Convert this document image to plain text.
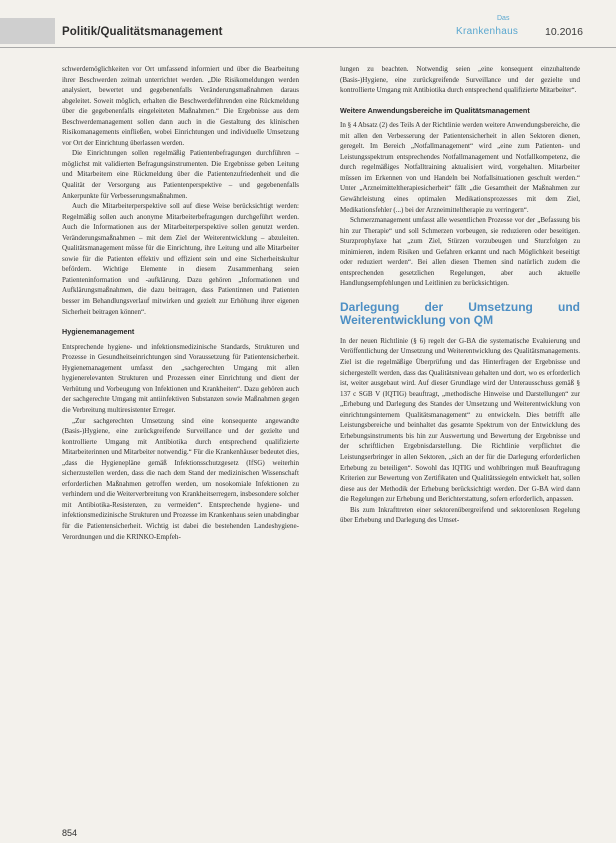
Politik/Qualitätsmanagement
Das
Krankenhaus	10.2016

schwerdemöglichkeiten vor Ort umfassend informiert und über die Bearbeitung ihrer Beschwerden zeitnah unterrichtet werden. „Die Risikomeldungen werden analysiert, bewertet und gegebenenfalls Veränderungsmaßnahmen daraus abgeleitet. Soweit möglich, erhalten die Beschwerdeführenden eine Rückmeldung über die gegebenenfalls eingeleiteten Maßnahmen.“ Die Ergebnisse aus dem Beschwerdemanagement sollen dann auch in die Gestaltung des klinischen Risikomanagements einfließen, wobei Einrichtungen und individuelle Umsetzung vor Ort der Einrichtung überlassen werden.

Die Einrichtungen sollen regelmäßig Patientenbefragungen durchführen – möglichst mit validierten Befragungsinstrumenten. Die Ergebnisse geben Leitung und Mitarbeitern eine Rückmeldung über die Patientenzufriedenheit und die Qualität der Versorgung aus Patientenperspektive – und gegebenenfalls Ankerpunkte für Verbesserungsmaßnahmen.

Auch die Mitarbeiterperspektive soll auf diese Weise berücksichtigt werden: Regelmäßig sollen auch anonyme Mitarbeiterbefragungen durchgeführt werden. Auch die Informationen aus der Mitarbeiterperspektive sollen genutzt werden. Veränderungsmaßnahmen – mit dem Ziel der Weiterentwicklung – abzuleiten. Qualitätsmanagement müsse für die Einrichtung, ihre Leitung und alle Mitarbeiter sowie für die Patienten effektiv und effizient sein und eine Sicherheitskultur befördern. Wichtige Elemente in diesem Zusammenhang seien Patienteninformation und -aufklärung. Dazu gehören „Informationen und Aufklärungsmaßnahmen, die dazu beitragen, dass Patientinnen und Patienten besser im Behandlungsverlauf mitwirken und gezielt zur Erhöhung ihrer eigenen Sicherheit beitragen können“.

Hygienemanagement

Entsprechende hygiene- und infektionsmedizinische Standards, Strukturen und Prozesse in Gesundheitseinrichtungen sind Voraussetzung für Patientensicherheit. Hygienemanagement umfasst den „sachgerechten Umgang mit allen hygienerelevanten Strukturen und Prozessen einer Einrichtung und dient der Verhütung und Vorbeugung von Infektionen und Krankheiten“. Dazu gehören auch der sachgerechte Umgang mit antiinfektiven Substanzen sowie Maßnahmen gegen die Verbreitung multiresistenter Erreger.

„Zur sachgerechten Umsetzung sind eine konsequente angewandte (Basis-)Hygiene, eine zurückgreifende Surveillance und der gezielte und kontrollierte Umgang mit Antibiotika durch entsprechend qualifizierte Mitarbeiterinnen und Mitarbeiter notwendig.“ Für die Krankenhäuser bedeutet dies, „dass die Hygienepläne gemäß Infektionsschutzgesetz (IfSG) weiterhin sicherzustellen werden, dass die nach dem Stand der medizinischen Wissenschaft erforderlichen Maßnahmen getroffen werden, um nosokomiale Infektionen zu verhindern und die Weiterverbreitung von Krankheitserregern, insbesondere solcher mit Antibiotika-Resistenzen, zu vermeiden“. Entsprechende hygiene- und infektionsmedizinische Strukturen und Prozesse im Krankenhaus seien unabdingbar für die Patientensicherheit. Wichtig ist dabei die bestehenden Landeshygiene-Verordnungen und die KRINKO-Empfeh-

lungen zu beachten. Notwendig seien „eine konsequent einzuhaltende (Basis-)Hygiene, eine zurückgreifende Surveillance und der gezielte und kontrollierte Umgang mit Antibiotika durch entsprechend qualifizierte Mitarbeiter“.

Weitere Anwendungsbereiche im Qualitätsmanagement

In § 4 Absatz (2) des Teils A der Richtlinie werden weitere Anwendungsbereiche, die mit allen den Verbesserung der Patientensicherheit in allen Sektoren dienen, geregelt. Im Bereich „Notfallmanagement“ wird „eine zum Patienten- und Leistungsspektrum entsprechendes Notfallmanagement und Notfallkompetenz, die durch regelmäßiges Notfalltraining aktualisiert wird, vorgehalten. Mitarbeiter müssen im Erkennen von und Handeln bei Notfallsituationen geschult werden.“ Unter „Arzneimitteltherapiesicherheit“ fällt „die Gesamtheit der Maßnahmen zur Gewährleistung eines optimalen Medikationsprozesses mit dem Ziel, Medikationsfehler (...) bei der Arzneimitteltherapie zu verringern“.

Schmerzmanagement umfasst alle wesentlichen Prozesse vor der „Befassung bis hin zur Therapie“ und soll Schmerzen vorbeugen, sie reduzieren oder beseitigen. Sturzprophylaxe hat „zum Ziel, Stürzen vorzubeugen und Sturzfolgen zu minimieren, indem Risiken und Gefahren erkannt und nach Möglichkeit beseitigt oder reduziert werden“. Bei allen diesen Themen sind natürlich zudem die entsprechenden gesetzlichen Regelungen, aber auch aktuelle Handlungsempfehlungen und Leitlinien zu berücksichtigen.

Darlegung der Umsetzung und Weiterentwicklung von QM

In der neuen Richtlinie (§ 6) regelt der G-BA die systematische Evaluierung und Veröffentlichung der Umsetzung und Weiterentwicklung des Qualitätsmanagements. Ziel ist die regelmäßige Überprüfung und das Hinterfragen der Ergebnisse und sichergestellt werden, dass das Qualitätsniveau gehalten und dort, wo es erforderlich ist, weiter ausgebaut wird. Auf dieser Grundlage wird der Unterausschuss gemäß § 137 c SGB V (IQTIG) beauftragt, „methodische Hinweise und Darstellungen“ zur „Erhebung und Darlegung des Standes der Umsetzung und Weiterentwicklung von einrichtungsinternem Qualitätsmanagement“ zu entwickeln. Dies betrifft alle Leistungsbereiche und beinhaltet das gesamte Spektrum von der Entwicklung des Erhebungsinstruments bis hin zur Auswertung und Bewertung der Ergebnisse und der schriftlichen Ergebnisdarstellung. Die Richtlinie verpflichtet die Leistungserbringer in allen Sektoren, „sich an der für die Darlegung erforderlichen Erhebung zu beteiligen“. Sowohl das IQTIG und wohlbringen muß Beauftragung Kriterien zur Bewertung von Zertifikaten und Qualitätssiegeln entwickelt hat, sollen diese aus der Methodik der Erhebung berücksichtigt werden. Der G-BA wird dann die Regelungen zur Erhebung und Berichterstattung, sofern erforderlich, anpassen.

Bis zum Inkrafttreten einer sektorenübergreifend und sektorenlosen Regelung über Erhebung und Darlegung des Umset-

854
